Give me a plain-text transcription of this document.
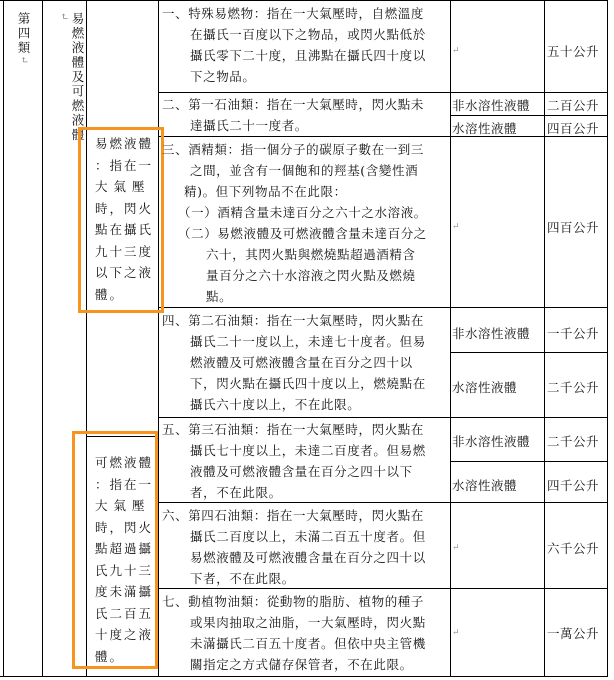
第四類↵	易燃液體及可燃液體↵
易燃液體
：指在一
大 氣 壓
時，閃火
點在攝氏
九十三度
以下之液
體。
可燃液體
：指在一
大 氣 壓
時，閃火
點超過攝
氏九十三
度未滿攝
氏二百五
十度之液
體。
一、特殊易燃物：指在一大氣壓時，自燃溫度
在攝氏一百度以下之物品，或閃火點低於
攝氏零下二十度，且沸點在攝氏四十度以
下之物品。
五十公升
二、第一石油類：指在一大氣壓時，閃火點未
達攝氏二十一度者。
非水溶性液體 二百公升
水溶性液體 四百公升
三、酒精類：指一個分子的碳原子數在一到三
之間，並含有一個飽和的羥基(含變性酒
精)。但下列物品不在此限：
（一）酒精含量未達百分之六十之水溶液。
（二）易燃液體及可燃液體含量未達百分之
六十，其閃火點與燃燒點超過酒精含
量百分之六十水溶液之閃火點及燃燒
點。
四百公升
四、第二石油類：指在一大氣壓時，閃火點在
攝氏二十一度以上，未達七十度者。但易
燃液體及可燃液體含量在百分之四十以
下，閃火點在攝氏四十度以上，燃燒點在
攝氏六十度以上，不在此限。
非水溶性液體 一千公升
水溶性液體 二千公升
五、第三石油類：指在一大氣壓時，閃火點在
攝氏七十度以上，未達二百度者。但易燃
液體及可燃液體含量在百分之四十以下
者，不在此限。
非水溶性液體 二千公升
水溶性液體 四千公升
六、第四石油類：指在一大氣壓時，閃火點在
攝氏二百度以上，未滿二百五十度者。但
易燃液體及可燃液體含量在百分之四十以
下者，不在此限。
六千公升
七、動植物油類：從動物的脂肪、植物的種子
或果肉抽取之油脂，一大氣壓時，閃火點
未滿攝氏二百五十度者。但依中央主管機
關指定之方式儲存保管者，不在此限。
一萬公升
↵
↵
↵
↵
